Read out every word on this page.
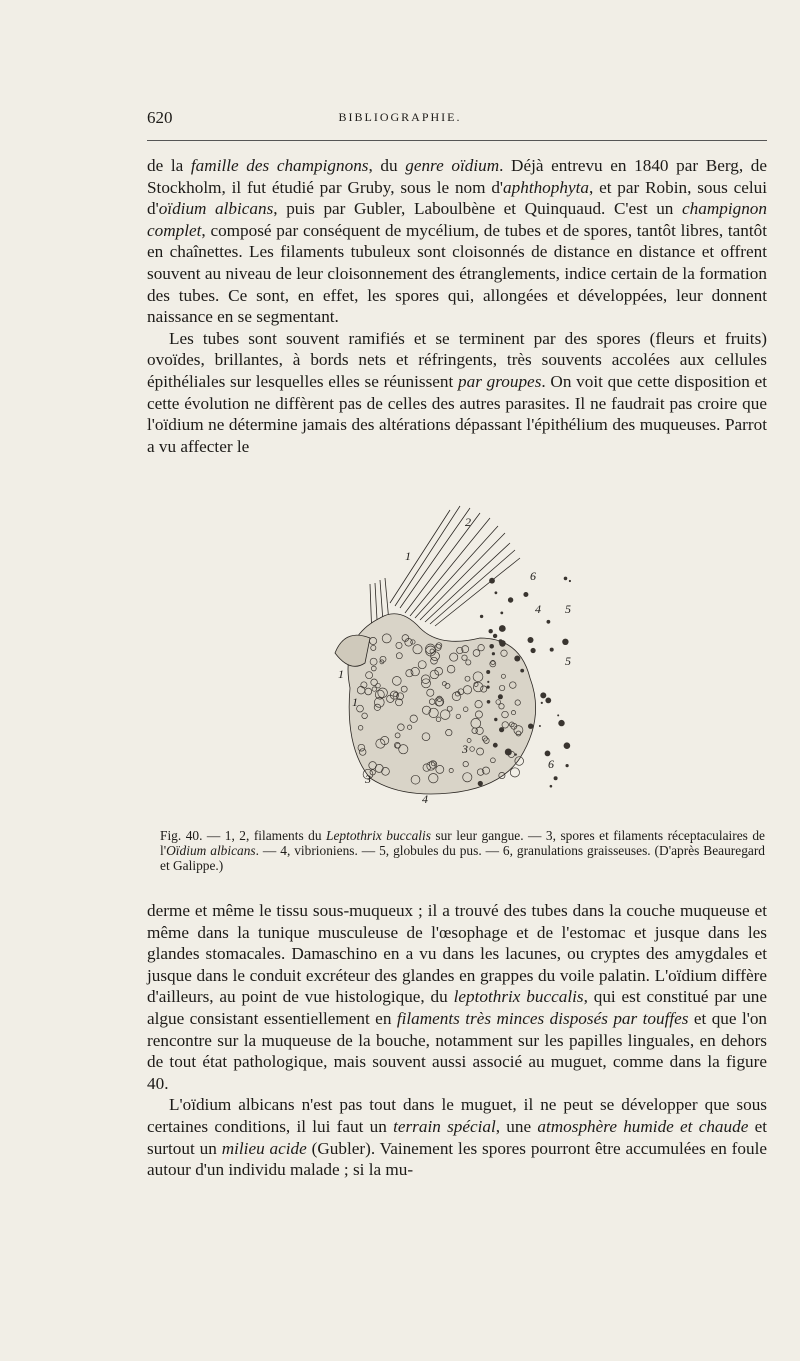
620	BIBLIOGRAPHIE.

de la famille des champignons, du genre oïdium. Déjà entrevu en 1840 par Berg, de Stockholm, il fut étudié par Gruby, sous le nom d'aphthophyta, et par Robin, sous celui d'oïdium albicans, puis par Gubler, Laboulbène et Quinquaud. C'est un champignon complet, composé par conséquent de mycélium, de tubes et de spores, tantôt libres, tantôt en chaînettes. Les filaments tubuleux sont cloisonnés de distance en distance et offrent souvent au niveau de leur cloisonnement des étranglements, indice certain de la formation des tubes. Ce sont, en effet, les spores qui, allongées et développées, leur donnent naissance en se segmentant.

Les tubes sont souvent ramifiés et se terminent par des spores (fleurs et fruits) ovoïdes, brillantes, à bords nets et réfringents, très souvents accolées aux cellules épithéliales sur lesquelles elles se réunissent par groupes. On voit que cette disposition et cette évolution ne diffèrent pas de celles des autres parasites. Il ne faudrait pas croire que l'oïdium ne détermine jamais des altérations dépassant l'épithélium des muqueuses. Parrot a vu affecter le

1
1
1
2
3
3
4
4
5
5
6
6

Fig. 40. — 1, 2, filaments du Leptothrix buccalis sur leur gangue. — 3, spores et filaments réceptaculaires de l'Oïdium albicans. — 4, vibrioniens. — 5, globules du pus. — 6, granulations graisseuses. (D'après Beauregard et Galippe.)

derme et même le tissu sous-muqueux ; il a trouvé des tubes dans la couche muqueuse et même dans la tunique musculeuse de l'œsophage et de l'estomac et jusque dans les glandes stomacales. Damaschino en a vu dans les lacunes, ou cryptes des amygdales et jusque dans le conduit excréteur des glandes en grappes du voile palatin. L'oïdium diffère d'ailleurs, au point de vue histologique, du leptothrix buccalis, qui est constitué par une algue consistant essentiellement en filaments très minces disposés par touffes et que l'on rencontre sur la muqueuse de la bouche, notamment sur les papilles linguales, en dehors de tout état pathologique, mais souvent aussi associé au muguet, comme dans la figure 40.

L'oïdium albicans n'est pas tout dans le muguet, il ne peut se développer que sous certaines conditions, il lui faut un terrain spécial, une atmosphère humide et chaude et surtout un milieu acide (Gubler). Vainement les spores pourront être accumulées en foule autour d'un individu malade ; si la mu-
